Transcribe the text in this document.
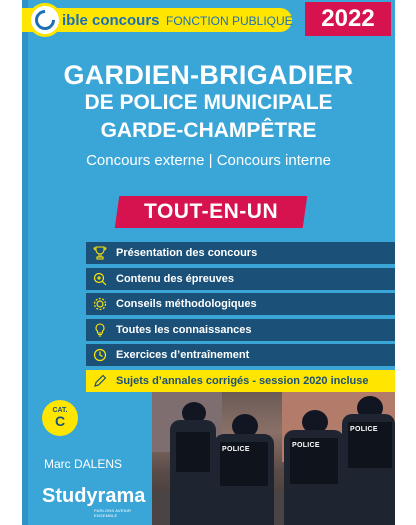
ible concours FONCTION PUBLIQUE	2022
GARDIEN-BRIGADIER
DE POLICE MUNICIPALE
GARDE-CHAMPÊTRE
Concours externe | Concours interne
TOUT-EN-UN
Présentation des concours
Contenu des épreuves
Conseils méthodologiques
Toutes les connaissances
Exercices d’entraînement
Sujets d’annales corrigés - session 2020 incluse
CAT.
C
Marc DALENS
Studyrama
PARLONS AVENIR ENSEMBLE
POLICE
POLICE
POLICE
